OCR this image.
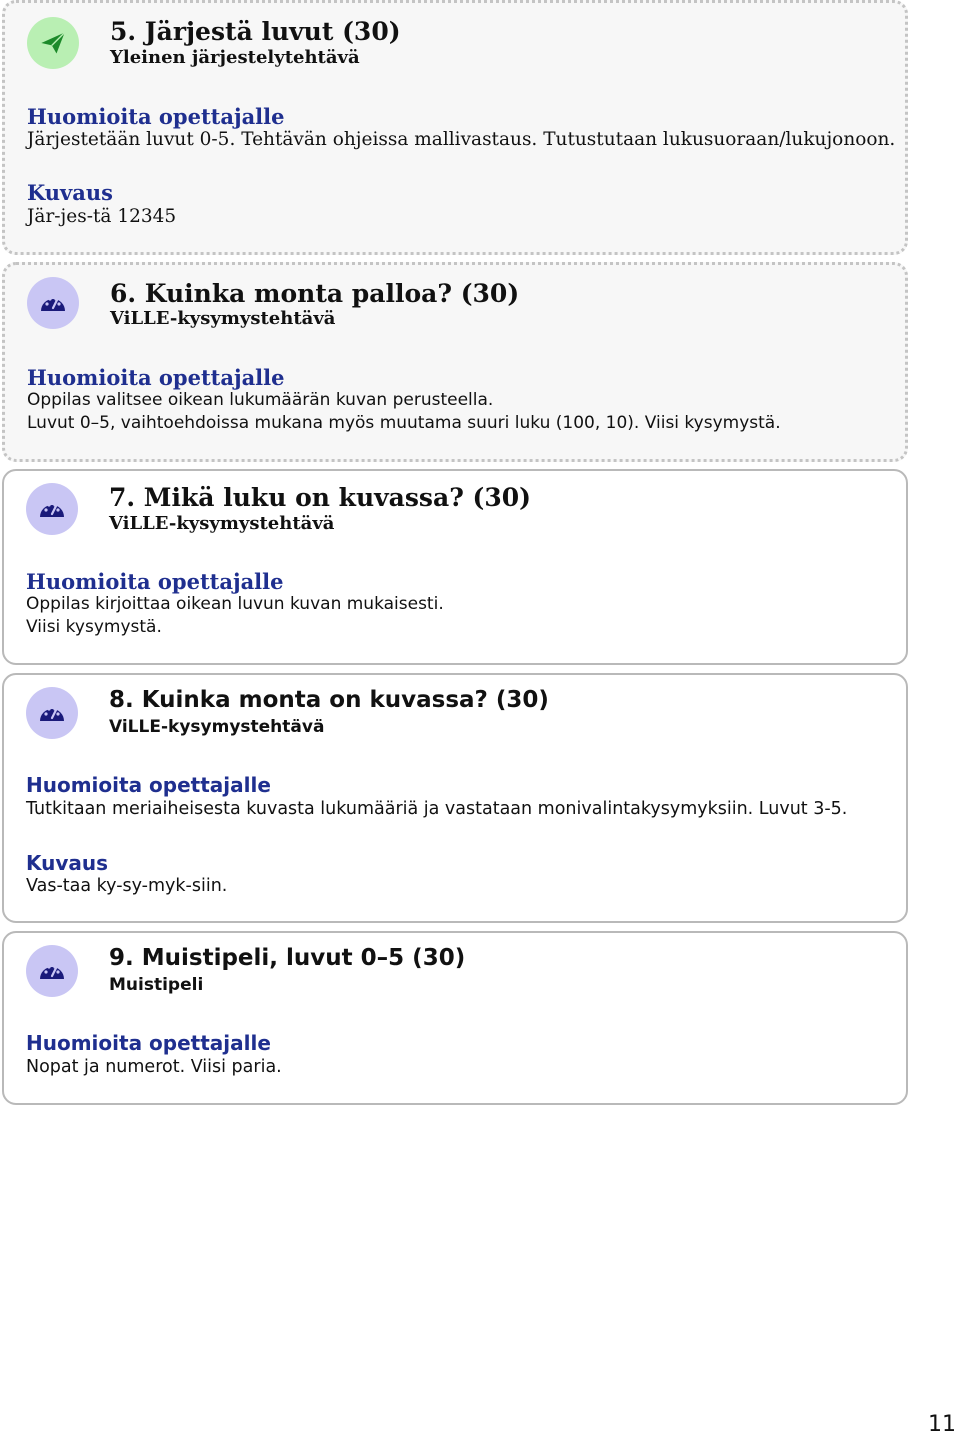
5. Järjestä luvut (30)

Yleinen järjestelytehtävä

Huomioita opettajalle

Järjestetään luvut 0-5. Tehtävän ohjeissa mallivastaus. Tutustutaan lukusuoraan/lukujonoon.

Kuvaus

Jär-jes-tä 12345

6. Kuinka monta palloa? (30)

ViLLE-kysymystehtävä

Huomioita opettajalle

Oppilas valitsee oikean lukumäärän kuvan perusteella.

Luvut 0–5, vaihtoehdoissa mukana myös muutama suuri luku (100, 10). Viisi kysymystä.

7. Mikä luku on kuvassa? (30)

ViLLE-kysymystehtävä

Huomioita opettajalle

Oppilas kirjoittaa oikean luvun kuvan mukaisesti.

Viisi kysymystä.

8. Kuinka monta on kuvassa? (30)

ViLLE-kysymystehtävä

Huomioita opettajalle

Tutkitaan meriaiheisesta kuvasta lukumääriä ja vastataan monivalintakysymyksiin. Luvut 3-5.

Kuvaus

Vas-taa ky-sy-myk-siin.

9. Muistipeli, luvut 0–5 (30)

Muistipeli

Huomioita opettajalle

Nopat ja numerot. Viisi paria.

11
